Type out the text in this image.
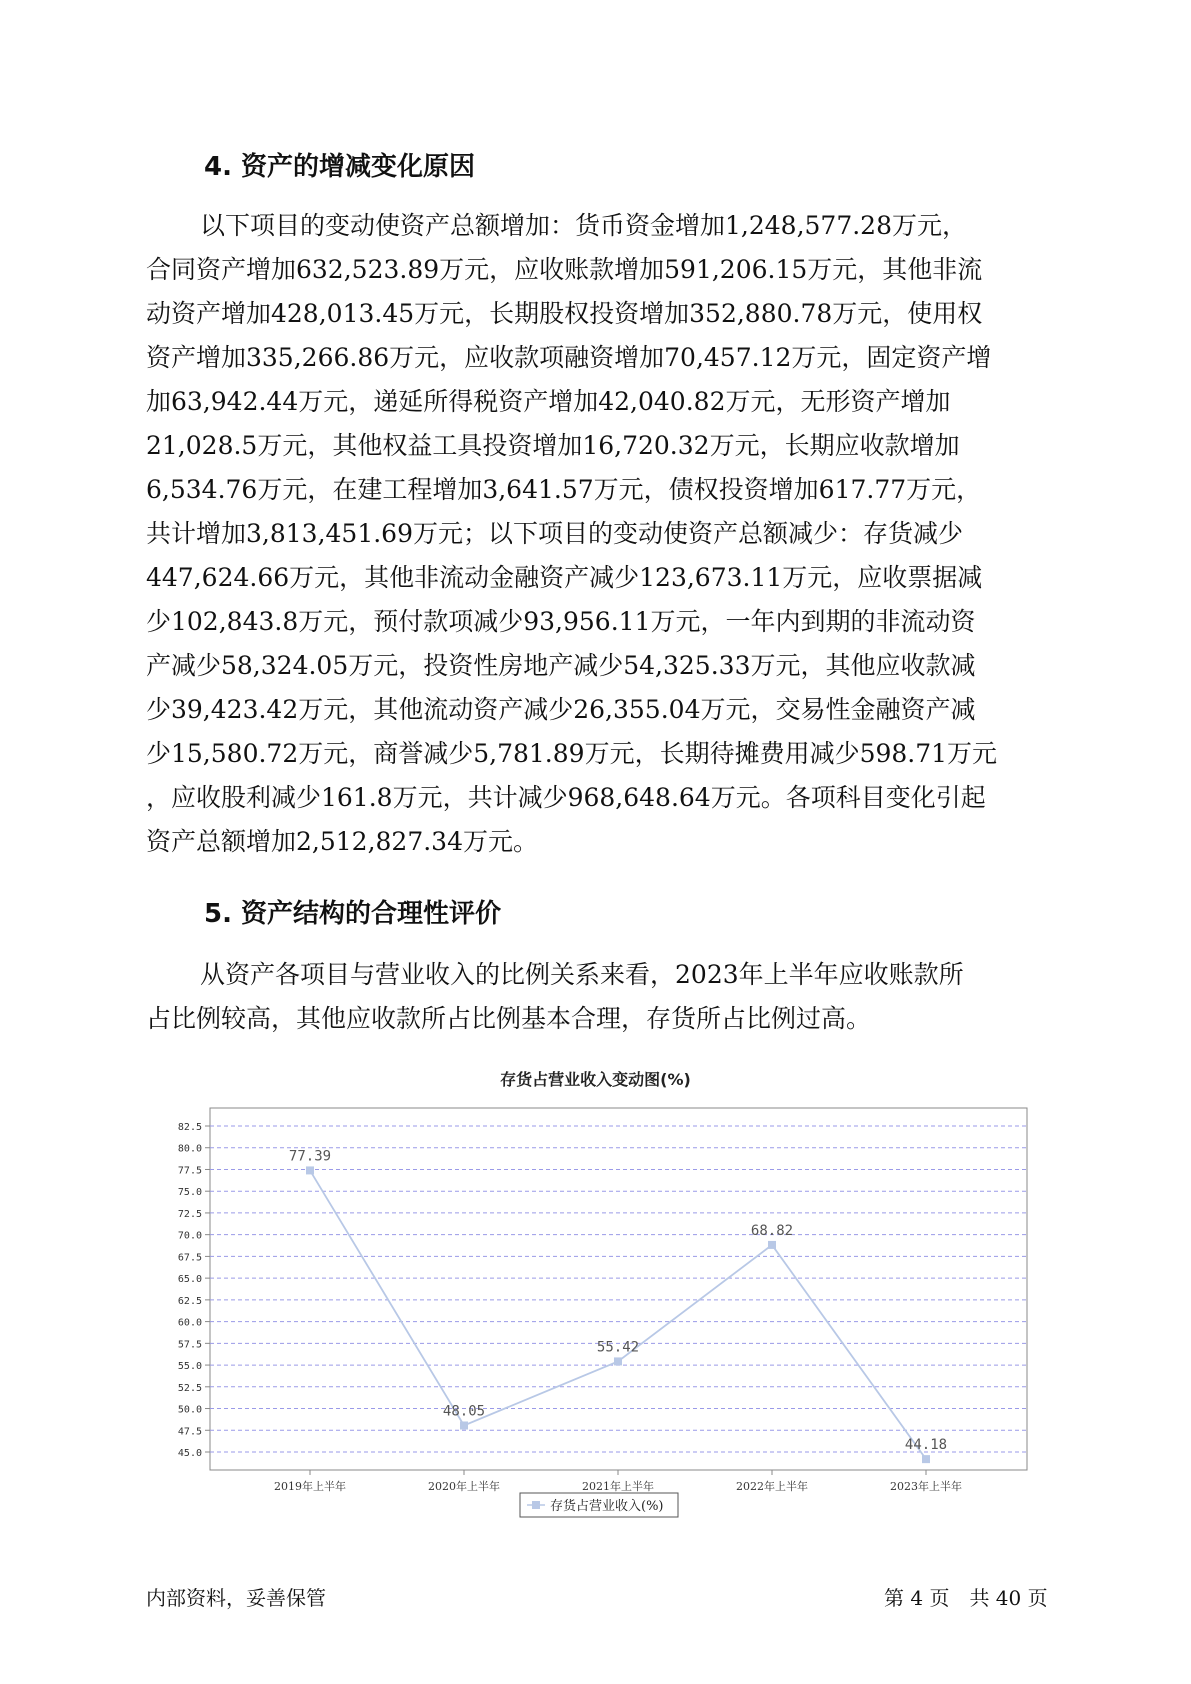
4. 资产的增减变化原因
以下项目的变动使资产总额增加：货币资金增加1,248,577.28万元，
合同资产增加632,523.89万元，应收账款增加591,206.15万元，其他非流
动资产增加428,013.45万元，长期股权投资增加352,880.78万元，使用权
资产增加335,266.86万元，应收款项融资增加70,457.12万元，固定资产增
加63,942.44万元，递延所得税资产增加42,040.82万元，无形资产增加
21,028.5万元，其他权益工具投资增加16,720.32万元，长期应收款增加
6,534.76万元，在建工程增加3,641.57万元，债权投资增加617.77万元，
共计增加3,813,451.69万元；以下项目的变动使资产总额减少：存货减少
447,624.66万元，其他非流动金融资产减少123,673.11万元，应收票据减
少102,843.8万元，预付款项减少93,956.11万元，一年内到期的非流动资
产减少58,324.05万元，投资性房地产减少54,325.33万元，其他应收款减
少39,423.42万元，其他流动资产减少26,355.04万元，交易性金融资产减
少15,580.72万元，商誉减少5,781.89万元，长期待摊费用减少598.71万元
，应收股利减少161.8万元，共计减少968,648.64万元。各项科目变化引起
资产总额增加2,512,827.34万元。
5. 资产结构的合理性评价
从资产各项目与营业收入的比例关系来看，2023年上半年应收账款所
占比例较高，其他应收款所占比例基本合理，存货所占比例过高。
存货占营业收入变动图(%)
45.0
47.5
50.0
52.5
55.0
57.5
60.0
62.5
65.0
67.5
70.0
72.5
75.0
77.5
80.0
82.5
2019年上半年	2020年上半年	2021年上半年	2022年上半年	2023年上半年
77.39
48.05
55.42
68.82
44.18
存货占营业收入(%)
内部资料，妥善保管	第 4 页　共 40 页
